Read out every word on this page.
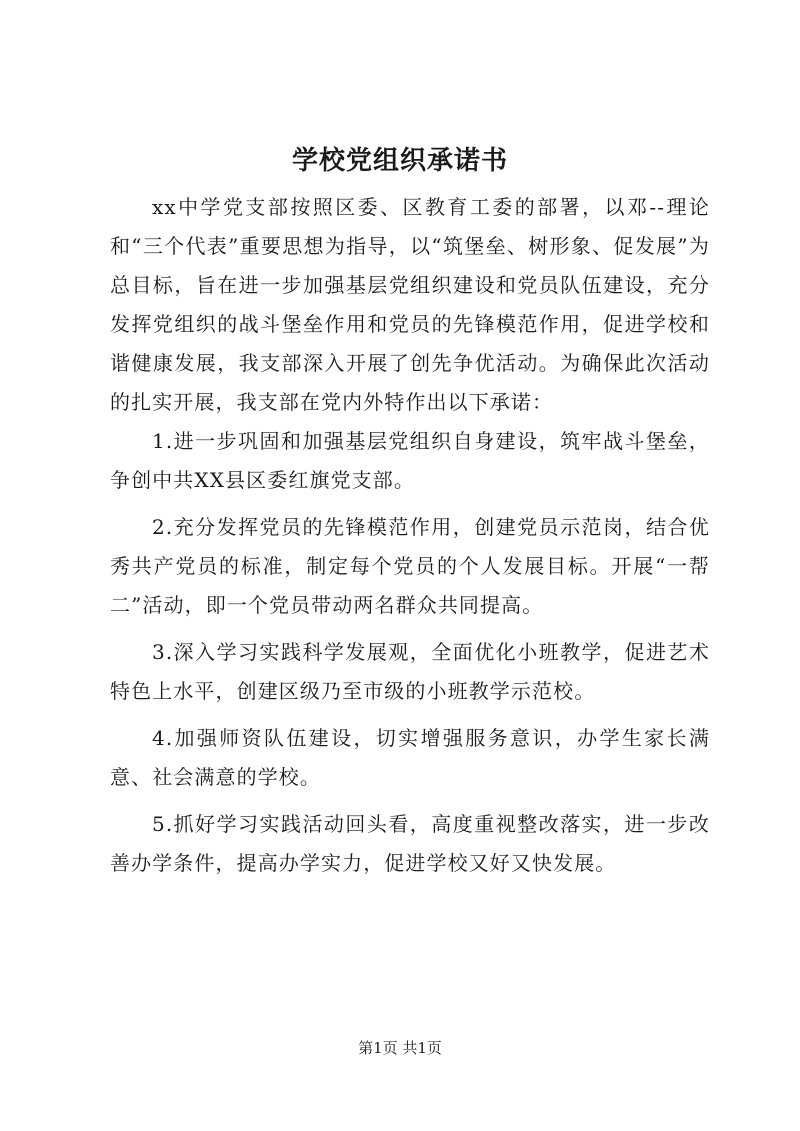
学校党组织承诺书

xx中学党支部按照区委、区教育工委的部署，以邓--理论和“三个代表”重要思想为指导，以“筑堡垒、树形象、促发展”为总目标，旨在进一步加强基层党组织建设和党员队伍建设，充分发挥党组织的战斗堡垒作用和党员的先锋模范作用，促进学校和谐健康发展，我支部深入开展了创先争优活动。为确保此次活动的扎实开展，我支部在党内外特作出以下承诺：

1.进一步巩固和加强基层党组织自身建设，筑牢战斗堡垒，争创中共XX县区委红旗党支部。

2.充分发挥党员的先锋模范作用，创建党员示范岗，结合优秀共产党员的标准，制定每个党员的个人发展目标。开展“一帮二”活动，即一个党员带动两名群众共同提高。

3.深入学习实践科学发展观，全面优化小班教学，促进艺术特色上水平，创建区级乃至市级的小班教学示范校。

4.加强师资队伍建设，切实增强服务意识，办学生家长满意、社会满意的学校。

5.抓好学习实践活动回头看，高度重视整改落实，进一步改善办学条件，提高办学实力，促进学校又好又快发展。

第1页 共1页
